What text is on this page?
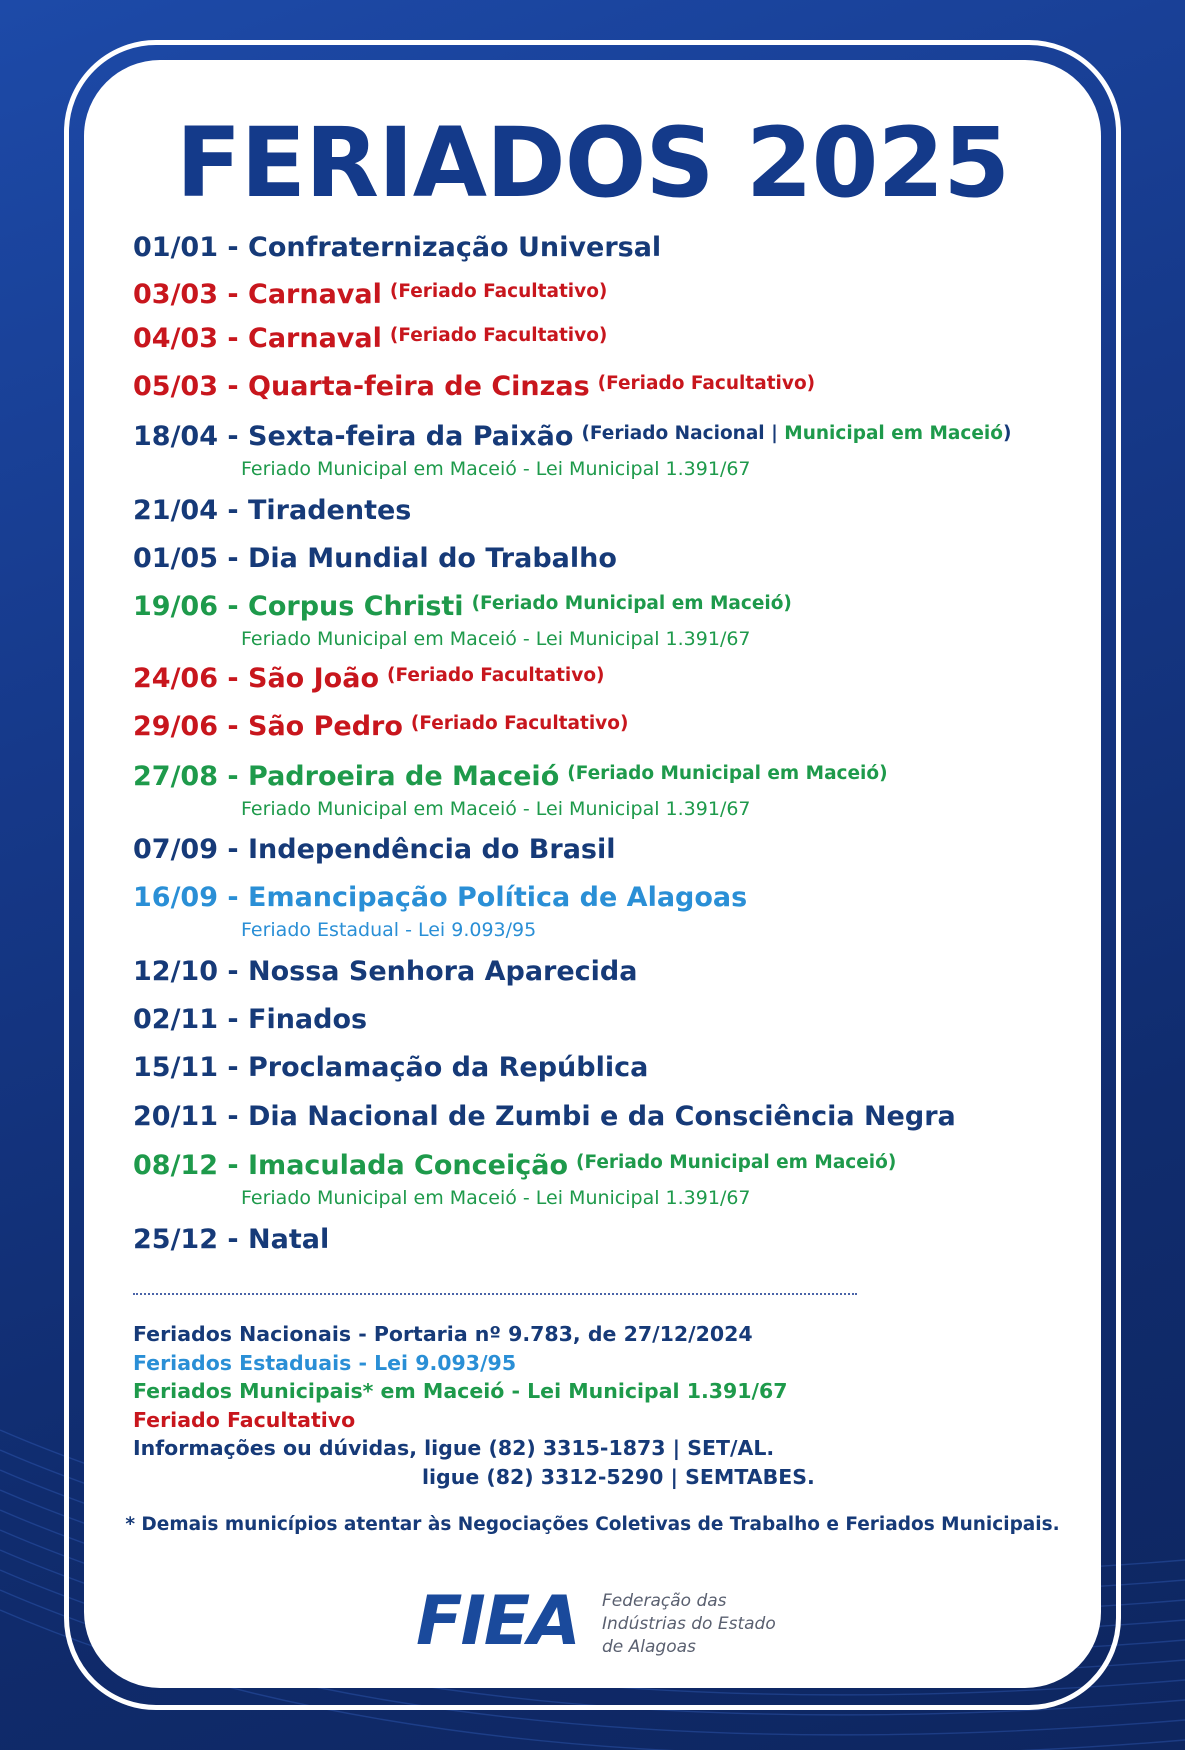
FERIADOS 2025
01/01 - Confraternização Universal
03/03 - Carnaval (Feriado Facultativo)
04/03 - Carnaval (Feriado Facultativo)
05/03 - Quarta-feira de Cinzas (Feriado Facultativo)
18/04 - Sexta-feira da Paixão (Feriado Nacional | Municipal em Maceió)
Feriado Municipal em Maceió - Lei Municipal 1.391/67
21/04 - Tiradentes
01/05 - Dia Mundial do Trabalho
19/06 - Corpus Christi (Feriado Municipal em Maceió)
Feriado Municipal em Maceió - Lei Municipal 1.391/67
24/06 - São João (Feriado Facultativo)
29/06 - São Pedro (Feriado Facultativo)
27/08 - Padroeira de Maceió (Feriado Municipal em Maceió)
Feriado Municipal em Maceió - Lei Municipal 1.391/67
07/09 - Independência do Brasil
16/09 - Emancipação Política de Alagoas
Feriado Estadual - Lei 9.093/95
12/10 - Nossa Senhora Aparecida
02/11 - Finados
15/11 - Proclamação da República
20/11 - Dia Nacional de Zumbi e da Consciência Negra
08/12 - Imaculada Conceição (Feriado Municipal em Maceió)
Feriado Municipal em Maceió - Lei Municipal 1.391/67
25/12 - Natal
Feriados Nacionais - Portaria nº 9.783, de 27/12/2024
Feriados Estaduais - Lei 9.093/95
Feriados Municipais* em Maceió - Lei Municipal 1.391/67
Feriado Facultativo
Informações ou dúvidas, ligue (82) 3315-1873 | SET/AL.
ligue (82) 3312-5290 | SEMTABES.

* Demais municípios atentar às Negociações Coletivas de Trabalho e Feriados Municipais.

FIEA	Federação das
Indústrias do Estado
de Alagoas
